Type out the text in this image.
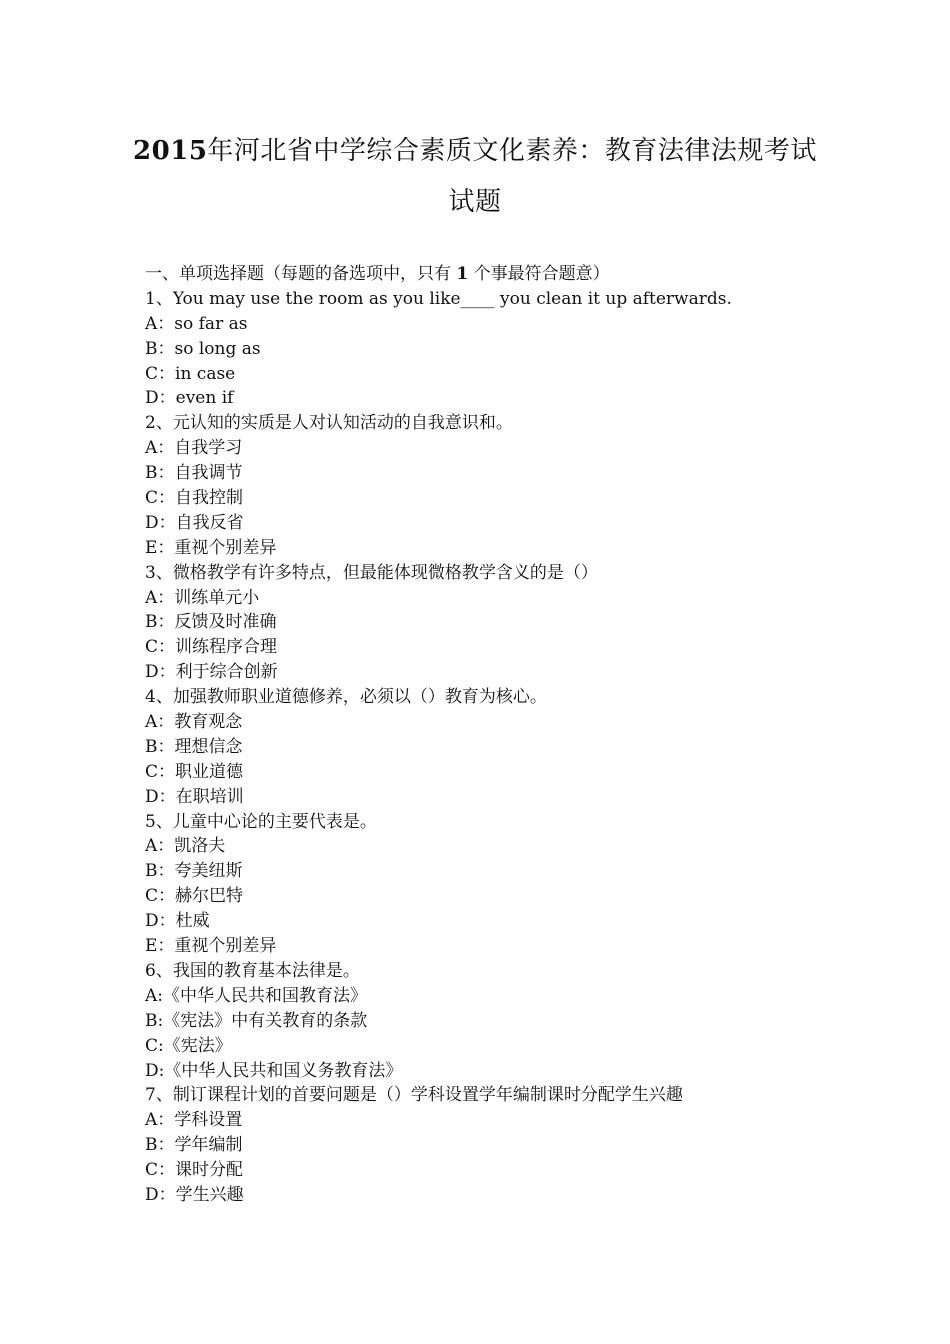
2015年河北省中学综合素质文化素养：教育法律法规考试
试题
一、单项选择题（每题的备选项中，只有 1 个事最符合题意）
1、You may use the room as you like____ you clean it up afterwards.
A：so far as
B：so long as
C：in case
D：even if
2、元认知的实质是人对认知活动的自我意识和。
A：自我学习
B：自我调节
C：自我控制
D：自我反省
E：重视个别差异
3、微格教学有许多特点，但最能体现微格教学含义的是（）
A：训练单元小
B：反馈及时准确
C：训练程序合理
D：利于综合创新
4、加强教师职业道德修养，必须以（）教育为核心。
A：教育观念
B：理想信念
C：职业道德
D：在职培训
5、儿童中心论的主要代表是。
A：凯洛夫
B：夸美纽斯
C：赫尔巴特
D：杜威
E：重视个别差异
6、我国的教育基本法律是。
A:《中华人民共和国教育法》
B:《宪法》中有关教育的条款
C:《宪法》
D:《中华人民共和国义务教育法》
7、制订课程计划的首要问题是（）学科设置学年编制课时分配学生兴趣
A：学科设置
B：学年编制
C：课时分配
D：学生兴趣
